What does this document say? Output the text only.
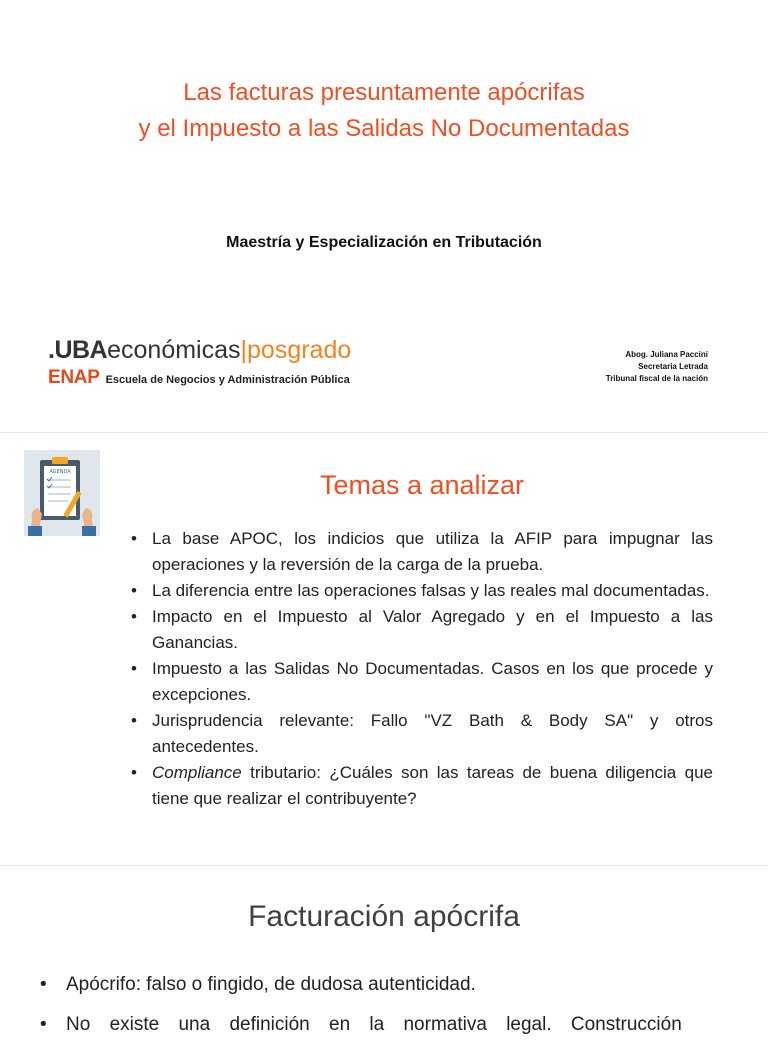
Las facturas presuntamente apócrifas
y el Impuesto a las Salidas No Documentadas
Maestría y Especialización en Tributación
.UBAeconómicas|posgrado
ENAP Escuela de Negocios y Administración Pública
Abog. Juliana Paccini
Secretaria Letrada
Tribunal fiscal de la nación
AGENDA	Temas a analizar
• La base APOC, los indicios que utiliza la AFIP para impugnar las operaciones y la reversión de la carga de la prueba.
• La diferencia entre las operaciones falsas y las reales mal documentadas.
• Impacto en el Impuesto al Valor Agregado y en el Impuesto a las Ganancias.
• Impuesto a las Salidas No Documentadas. Casos en los que procede y excepciones.
• Jurisprudencia relevante: Fallo "VZ Bath & Body SA" y otros antecedentes.
• Compliance tributario: ¿Cuáles son las tareas de buena diligencia que tiene que realizar el contribuyente?
Facturación apócrifa
• Apócrifo: falso o fingido, de dudosa autenticidad.
• No existe una definición en la normativa legal. Construcción
